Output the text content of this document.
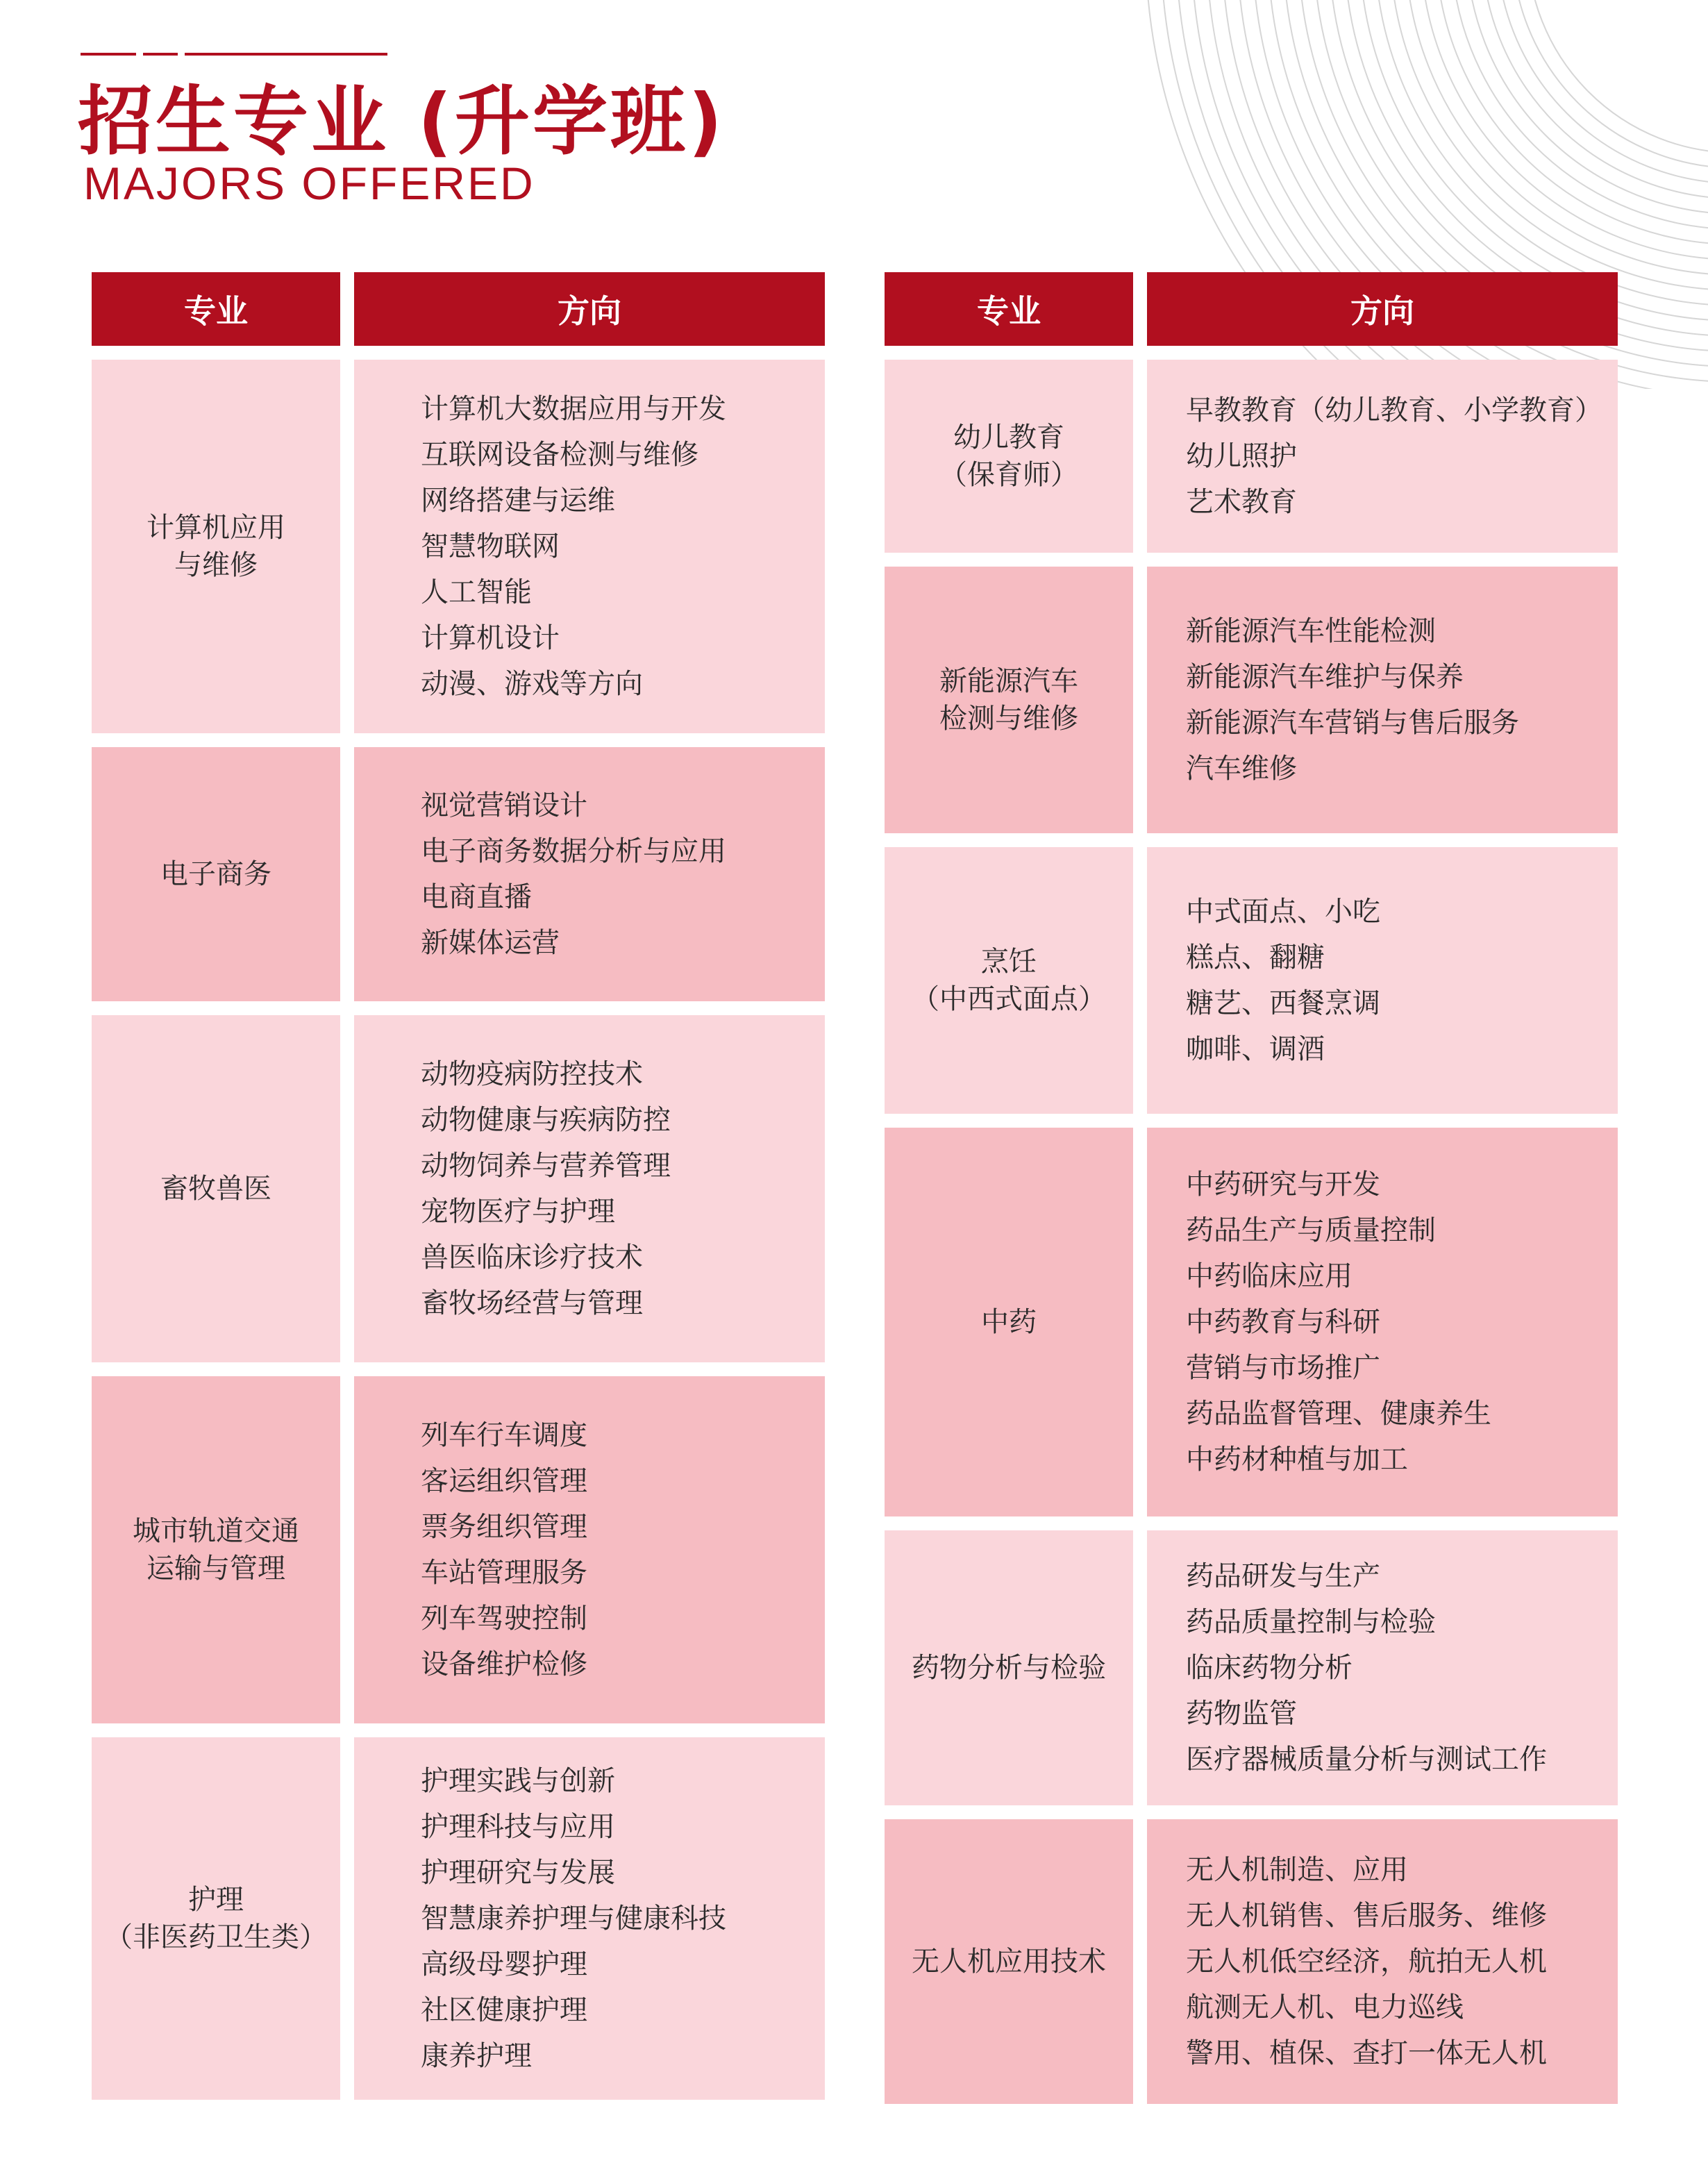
招生专业 (升学班)
MAJORS OFFERED
专业	方向
计算机应用
与维修
计算机大数据应用与开发
互联网设备检测与维修
网络搭建与运维
智慧物联网
人工智能
计算机设计
动漫、游戏等方向
电子商务
视觉营销设计
电子商务数据分析与应用
电商直播
新媒体运营
畜牧兽医
动物疫病防控技术
动物健康与疾病防控
动物饲养与营养管理
宠物医疗与护理
兽医临床诊疗技术
畜牧场经营与管理
城市轨道交通
运输与管理
列车行车调度
客运组织管理
票务组织管理
车站管理服务
列车驾驶控制
设备维护检修
护理
（非医药卫生类）
护理实践与创新
护理科技与应用
护理研究与发展
智慧康养护理与健康科技
高级母婴护理
社区健康护理
康养护理
专业	方向
幼儿教育
（保育师）
早教教育（幼儿教育、小学教育）
幼儿照护
艺术教育
新能源汽车
检测与维修
新能源汽车性能检测
新能源汽车维护与保养
新能源汽车营销与售后服务
汽车维修
烹饪
（中西式面点）
中式面点、小吃
糕点、翻糖
糖艺、西餐烹调
咖啡、调酒
中药
中药研究与开发
药品生产与质量控制
中药临床应用
中药教育与科研
营销与市场推广
药品监督管理、健康养生
中药材种植与加工
药物分析与检验
药品研发与生产
药品质量控制与检验
临床药物分析
药物监管
医疗器械质量分析与测试工作
无人机应用技术
无人机制造、应用
无人机销售、售后服务、维修
无人机低空经济，航拍无人机
航测无人机、电力巡线
警用、植保、查打一体无人机
